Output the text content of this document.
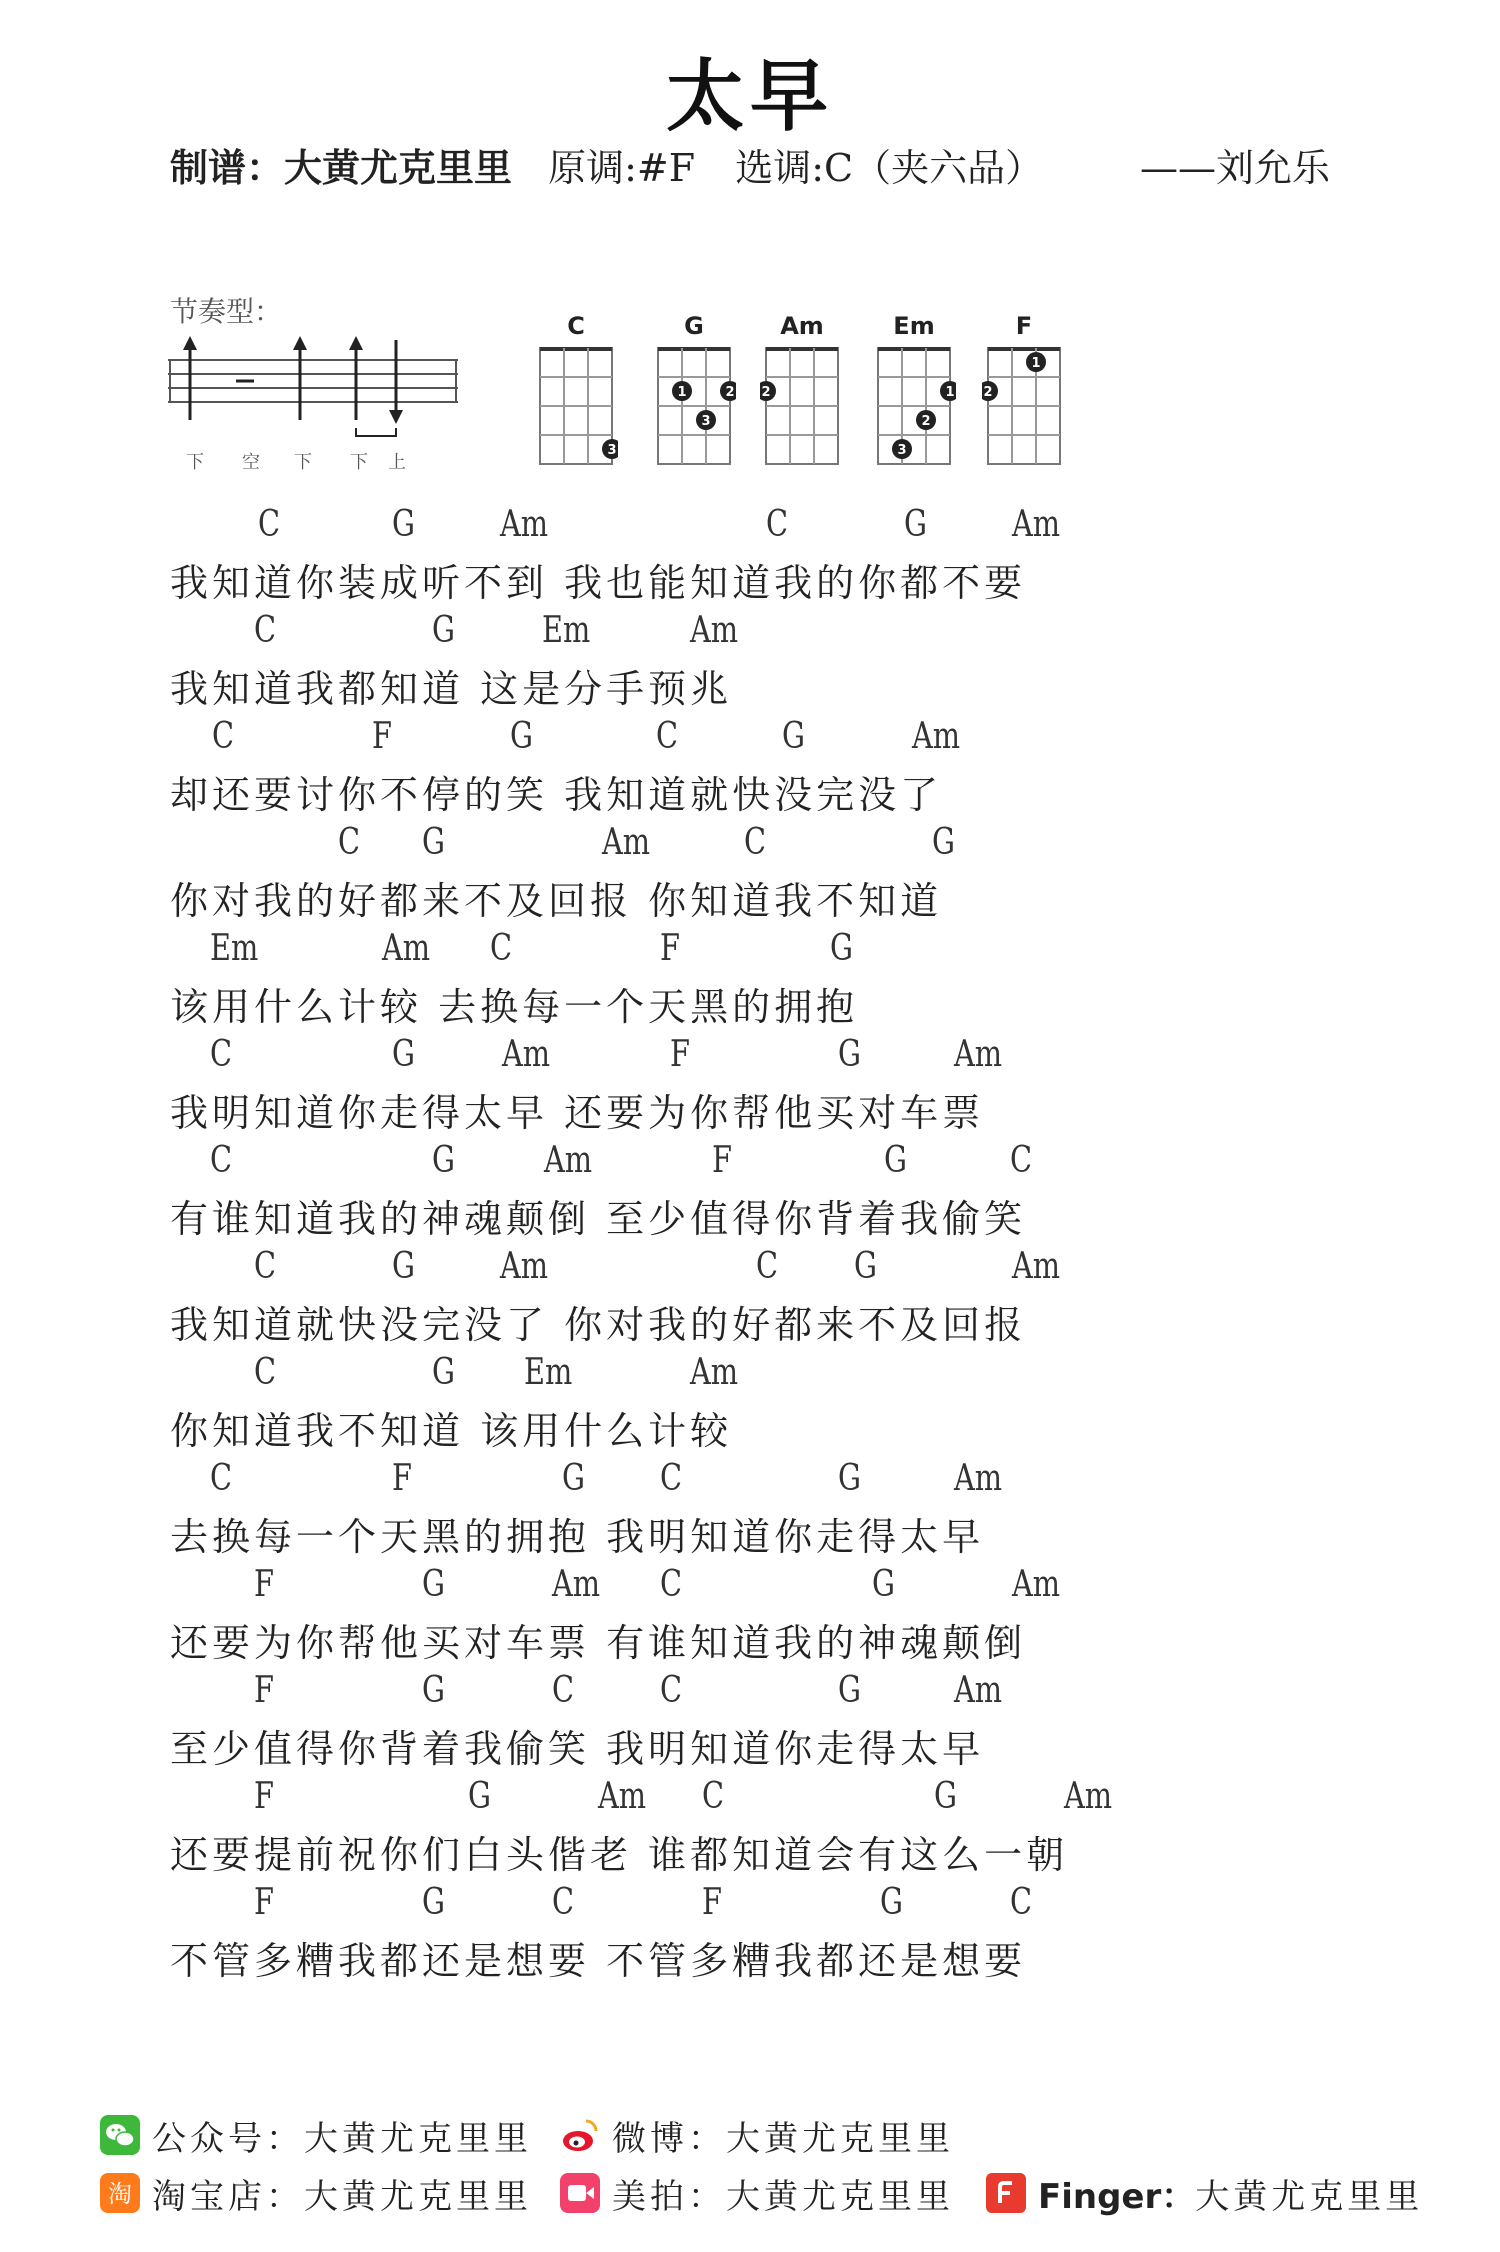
太早
制谱：大黄尤克里里 原调:#F 选调:C（夹六品）	——刘允乐
节奏型：
下 空 下 下 上
C
3
G
1	2
3
Am
2
Em
1
2
3
F
1
2
C	G Am	C	G Am
我知道你装成听不到 我也能知道我的你都不要
C	G Em	Am
我知道我都知道 这是分手预兆
C	F	G	C	G	Am
却还要讨你不停的笑 我知道就快没完没了
C G	Am	C	G
你对我的好都来不及回报 你知道我不知道
Em	Am C	F	G
该用什么计较 去换每一个天黑的拥抱
C	G Am	F	G	Am
我明知道你走得太早 还要为你帮他买对车票
C	G Am	F	G	C
有谁知道我的神魂颠倒 至少值得你背着我偷笑
C	G Am	C G	Am
我知道就快没完没了 你对我的好都来不及回报
C	G Em	Am
你知道我不知道 该用什么计较
C	F	G C	G	Am
去换每一个天黑的拥抱 我明知道你走得太早
F	G	Am C	G	Am
还要为你帮他买对车票 有谁知道我的神魂颠倒
F	G	C C	G	Am
至少值得你背着我偷笑 我明知道你走得太早
F	G	Am C	G	Am
还要提前祝你们白头偕老 谁都知道会有这么一朝
F	G	C	F	G	C
不管多糟我都还是想要 不管多糟我都还是想要
公众号： 大黄尤克里里 微博： 大黄尤克里里
淘 淘宝店： 大黄尤克里里 美拍： 大黄尤克里里 Finger： 大黄尤克里里
